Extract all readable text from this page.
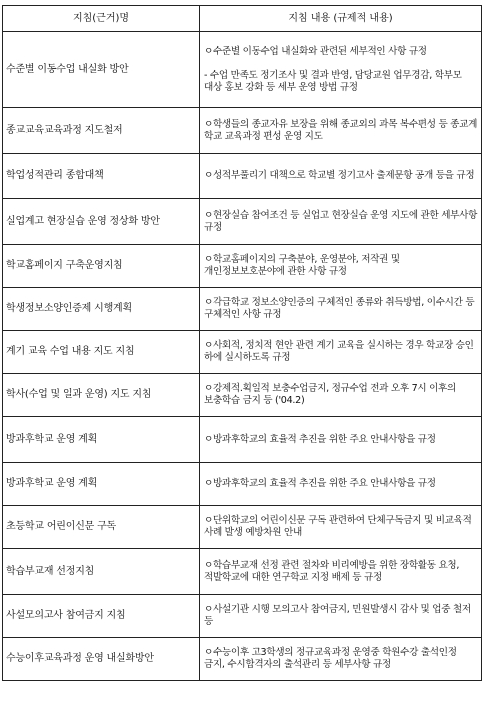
지침(근거)명	지침 내용 (규제적 내용)
수준별 이동수업 내실화 방안	ㅇ수준별 이동수업 내실화와 관련된 세부적인 사항 규정
- 수업 만족도 정기조사 및 결과 반영, 담당교원 업무경감, 학부모 대상 홍보 강화 등 세부 운영 방법 규정

종교교육교육과정 지도철저	ㅇ학생들의 종교자유 보장을 위해 종교외의 과목 복수편성 등 종교계 학교 교육과정 편성 운영 지도

학업성적관리 종합대책	ㅇ성적부풀리기 대책으로 학교별 정기고사 출제문항 공개 등을 규정

실업계고 현장실습 운영 정상화 방안	ㅇ현장실습 참여조건 등 실업고 현장실습 운영 지도에 관한 세부사항 규정

학교홈페이지 구축운영지침	ㅇ학교홈페이지의 구축분야, 운영분야, 저작권 및 개인정보보호분야에 관한 사항 규정

학생정보소양인증제 시행계획	ㅇ각급학교 정보소양인증의 구체적인 종류와 취득방법, 이수시간 등 구체적인 사항 규정

계기 교육 수업 내용 지도 지침	ㅇ사회적, 정치적 현안 관련 계기 교육을 실시하는 경우 학교장 승인 하에 실시하도록 규정

학사(수업 및 일과 운영) 지도 지침	ㅇ강제적.획일적 보충수업금지, 정규수업 전과 오후 7시 이후의 보충학습 금지 등 ('04.2)

방과후학교 운영 계획	ㅇ방과후학교의 효율적 추진을 위한 주요 안내사항을 규정

방과후학교 운영 계획	ㅇ방과후학교의 효율적 추진을 위한 주요 안내사항을 규정

초등학교 어린이신문 구독	ㅇ단위학교의 어린이신문 구독 관련하여 단체구독금지 및 비교육적 사례 발생 예방차원 안내

학습부교재 선정지침	ㅇ학습부교재 선정 관련 절차와 비리예방을 위한 장학활동 요청, 적발학교에 대한 연구학교 지정 배제 등 규정

사설모의고사 참여금지 지침	ㅇ사설기관 시행 모의고사 참여금지, 민원발생시 감사 및 업중 철저 등

수능이후교육과정 운영 내실화방안	ㅇ수능이후 고3학생의 정규교육과정 운영중 학원수강 출석인정 금지, 수시합격자의 출석관리 등 세부사항 규정
